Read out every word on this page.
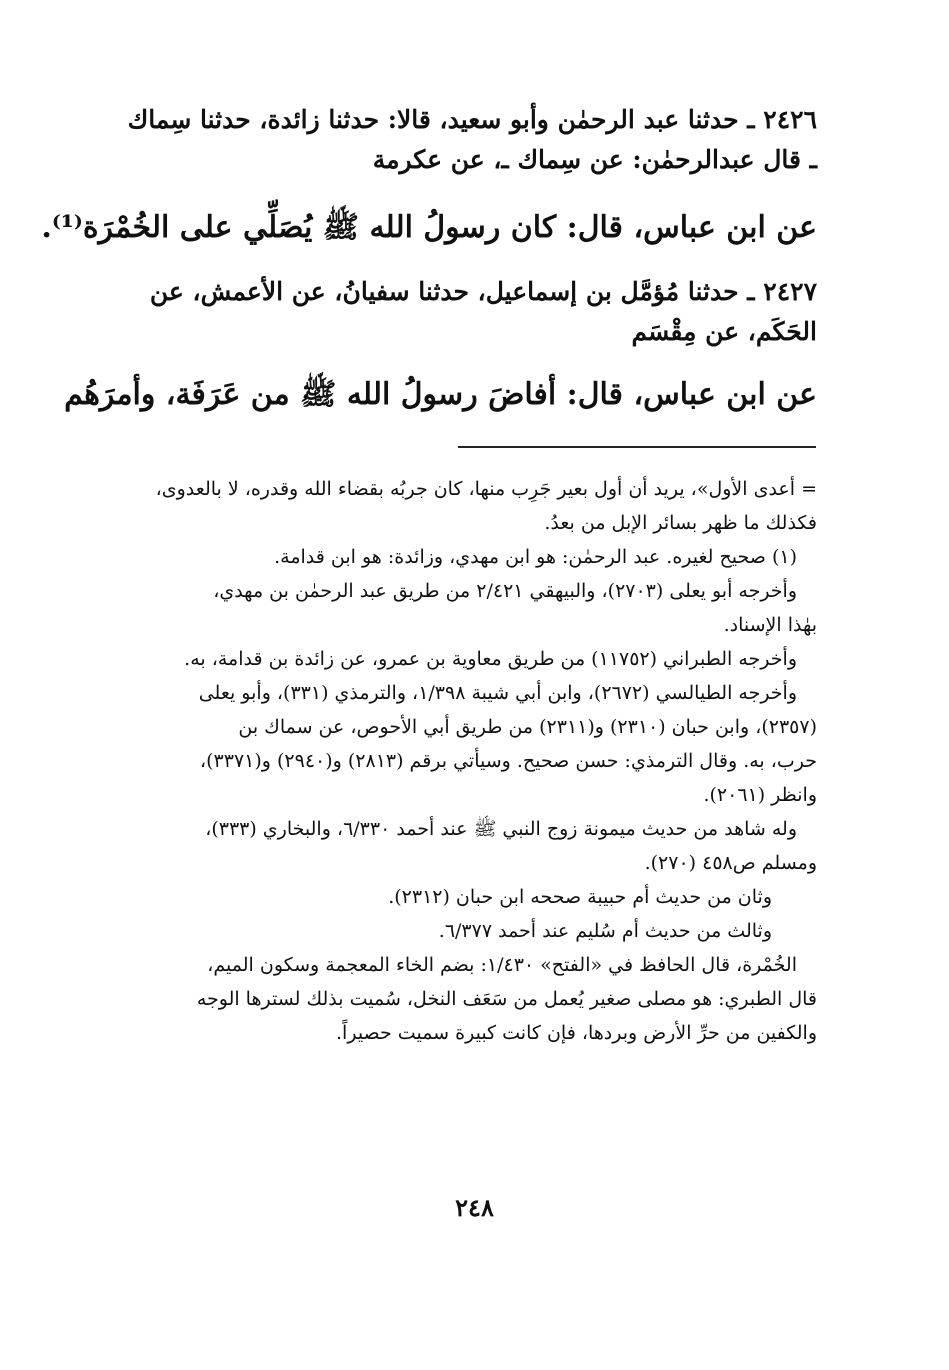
٢٤٢٦ ـ حدثنا عبد الرحمٰن وأبو سعيد، قالا: حدثنا زائدة، حدثنا سِماك
ـ قال عبدالرحمٰن: عن سِماك ـ، عن عكرمة
عن ابن عباس، قال: كان رسولُ الله ﷺ يُصَلِّي على الخُمْرَة⁽¹⁾.
٢٤٢٧ ـ حدثنا مُؤمَّل بن إسماعيل، حدثنا سفيانُ، عن الأعمش، عن
الحَكَم، عن مِقْسَم
عن ابن عباس، قال: أفاضَ رسولُ الله ﷺ من عَرَفَة، وأمرَهُم
= أعدى الأول»، يريد أن أول بعير جَرِب منها، كان جربُه بقضاء الله وقدره، لا بالعدوى،
فكذلك ما ظهر بسائر الإبل من بعدُ.
(١) صحيح لغيره. عبد الرحمٰن: هو ابن مهدي، وزائدة: هو ابن قدامة.
وأخرجه أبو يعلى (٢٧٠٣)، والبيهقي ٢/٤٢١ من طريق عبد الرحمٰن بن مهدي،
بهٰذا الإسناد.
وأخرجه الطبراني (١١٧٥٢) من طريق معاوية بن عمرو، عن زائدة بن قدامة، به.
وأخرجه الطيالسي (٢٦٧٢)، وابن أبي شيبة ١/٣٩٨، والترمذي (٣٣١)، وأبو يعلى
(٢٣٥٧)، وابن حبان (٢٣١٠) و(٢٣١١) من طريق أبي الأحوص، عن سماك بن
حرب، به. وقال الترمذي: حسن صحيح. وسيأتي برقم (٢٨١٣) و(٢٩٤٠) و(٣٣٧١)،
وانظر (٢٠٦١).
وله شاهد من حديث ميمونة زوج النبي ﷺ عند أحمد ٦/٣٣٠، والبخاري (٣٣٣)،
ومسلم ص٤٥٨ (٢٧٠).
وثان من حديث أم حبيبة صححه ابن حبان (٢٣١٢).
وثالث من حديث أم سُليم عند أحمد ٦/٣٧٧.
الخُمْرة، قال الحافظ في «الفتح» ١/٤٣٠: بضم الخاء المعجمة وسكون الميم،
قال الطبري: هو مصلى صغير يُعمل من سَعَف النخل، سُميت بذلك لسترها الوجه
والكفين من حرِّ الأرض وبردها، فإن كانت كبيرة سميت حصيراً.
٢٤٨
